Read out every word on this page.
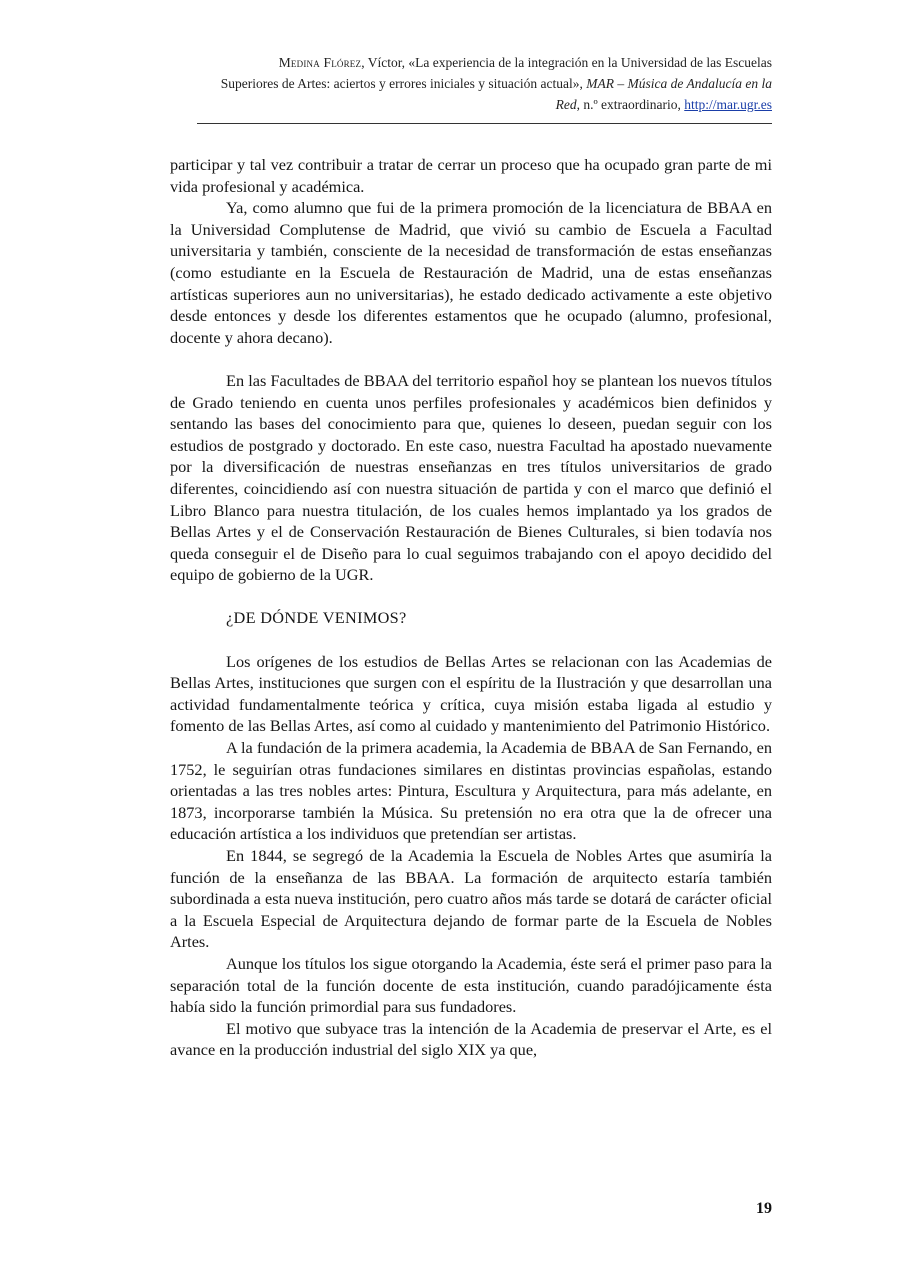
Medina Flórez, Víctor, «La experiencia de la integración en la Universidad de las Escuelas
Superiores de Artes: aciertos y errores iniciales y situación actual», MAR – Música de Andalucía en la
Red, n.º extraordinario, http://mar.ugr.es

participar y tal vez contribuir a tratar de cerrar un proceso que ha ocupado gran parte de mi vida profesional y académica.

Ya, como alumno que fui de la primera promoción de la licenciatura de BBAA en la Universidad Complutense de Madrid, que vivió su cambio de Escuela a Facultad universitaria y también, consciente de la necesidad de transformación de estas enseñanzas (como estudiante en la Escuela de Restauración de Madrid, una de estas enseñanzas artísticas superiores aun no universitarias), he estado dedicado activamente a este objetivo desde entonces y desde los diferentes estamentos que he ocupado (alumno, profesional, docente y ahora decano).

En las Facultades de BBAA del territorio español hoy se plantean los nuevos títulos de Grado teniendo en cuenta unos perfiles profesionales y académicos bien definidos y sentando las bases del conocimiento para que, quienes lo deseen, puedan seguir con los estudios de postgrado y doctorado. En este caso, nuestra Facultad ha apostado nuevamente por la diversificación de nuestras enseñanzas en tres títulos universitarios de grado diferentes, coincidiendo así con nuestra situación de partida y con el marco que definió el Libro Blanco para nuestra titulación, de los cuales hemos implantado ya los grados de Bellas Artes y el de Conservación Restauración de Bienes Culturales, si bien todavía nos queda conseguir el de Diseño para lo cual seguimos trabajando con el apoyo decidido del equipo de gobierno de la UGR.

¿DE DÓNDE VENIMOS?

Los orígenes de los estudios de Bellas Artes se relacionan con las Academias de Bellas Artes, instituciones que surgen con el espíritu de la Ilustración y que desarrollan una actividad fundamentalmente teórica y crítica, cuya misión estaba ligada al estudio y fomento de las Bellas Artes, así como al cuidado y mantenimiento del Patrimonio Histórico.

A la fundación de la primera academia, la Academia de BBAA de San Fernando, en 1752, le seguirían otras fundaciones similares en distintas provincias españolas, estando orientadas a las tres nobles artes: Pintura, Escultura y Arquitectura, para más adelante, en 1873, incorporarse también la Música. Su pretensión no era otra que la de ofrecer una educación artística a los individuos que pretendían ser artistas.

En 1844, se segregó de la Academia la Escuela de Nobles Artes que asumiría la función de la enseñanza de las BBAA. La formación de arquitecto estaría también subordinada a esta nueva institución, pero cuatro años más tarde se dotará de carácter oficial a la Escuela Especial de Arquitectura dejando de formar parte de la Escuela de Nobles Artes.

Aunque los títulos los sigue otorgando la Academia, éste será el primer paso para la separación total de la función docente de esta institución, cuando paradójicamente ésta había sido la función primordial para sus fundadores.

El motivo que subyace tras la intención de la Academia de preservar el Arte, es el avance en la producción industrial del siglo XIX ya que,

19
